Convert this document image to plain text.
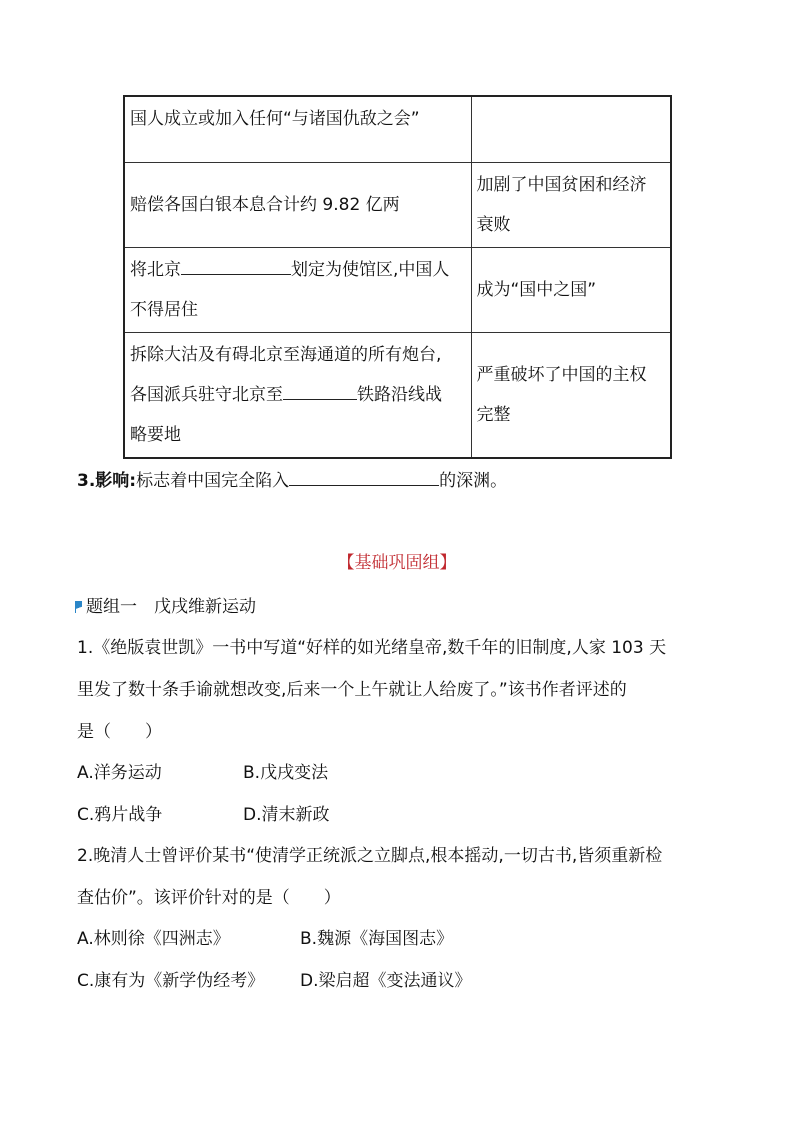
国人成立或加入任何“与诸国仇敌之会”	
赔偿各国白银本息合计约 9.82 亿两	加剧了中国贫困和经济
衰败
将北京 划定为使馆区,中国人
不得居住	成为“国中之国”
拆除大沽及有碍北京至海通道的所有炮台,
各国派兵驻守北京至 铁路沿线战
略要地	严重破坏了中国的主权
完整
3.影响:标志着中国完全陷入	的深渊。
【基础巩固组】
题组一　戊戌维新运动
1.《绝版袁世凯》一书中写道“好样的如光绪皇帝,数千年的旧制度,人家 103 天
里发了数十条手谕就想改变,后来一个上午就让人给废了。”该书作者评述的
是（　　）
A.洋务运动	B.戊戌变法
C.鸦片战争	D.清末新政
2.晚清人士曾评价某书“使清学正统派之立脚点,根本摇动,一切古书,皆须重新检
查估价”。该评价针对的是（　　）
A.林则徐《四洲志》	B.魏源《海国图志》
C.康有为《新学伪经考》 D.梁启超《变法通议》
